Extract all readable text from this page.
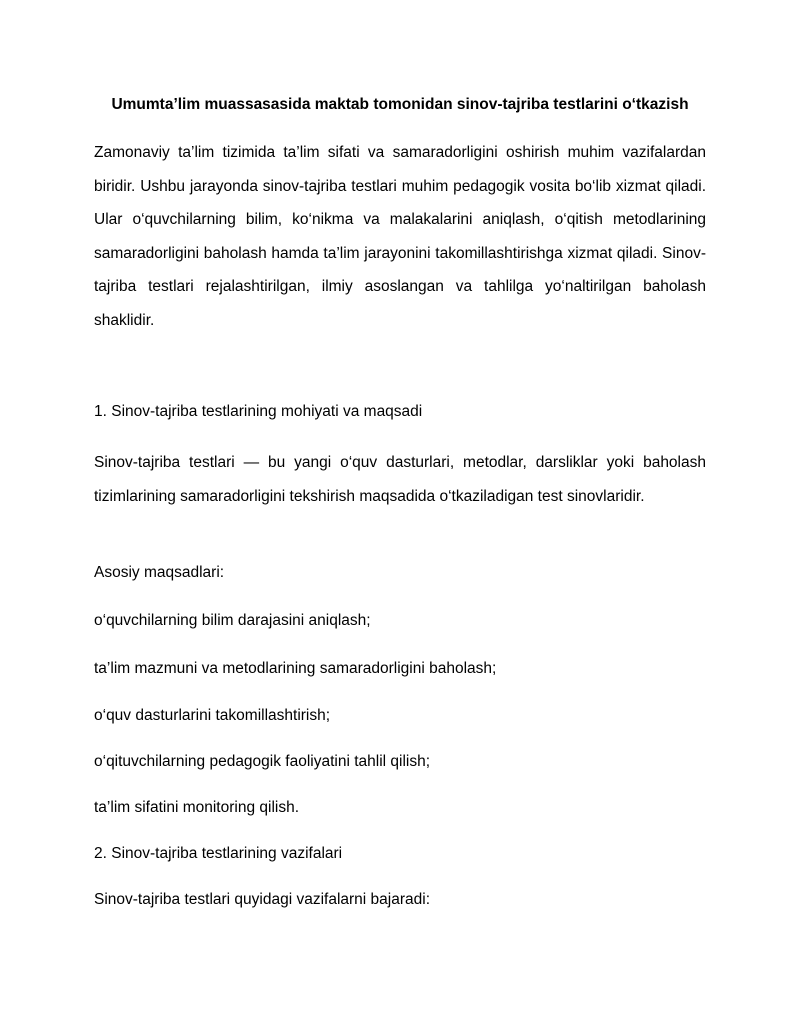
Umumta’lim muassasasida maktab tomonidan sinov-tajriba testlarini o‘tkazish

Zamonaviy ta’lim tizimida ta’lim sifati va samaradorligini oshirish muhim vazifalardan biridir. Ushbu jarayonda sinov-tajriba testlari muhim pedagogik vosita bo‘lib xizmat qiladi. Ular o‘quvchilarning bilim, ko‘nikma va malakalarini aniqlash, o‘qitish metodlarining samaradorligini baholash hamda ta’lim jarayonini takomillashtirishga xizmat qiladi. Sinov-tajriba testlari rejalashtirilgan, ilmiy asoslangan va tahlilga yo‘naltirilgan baholash shaklidir.

1. Sinov-tajriba testlarining mohiyati va maqsadi

Sinov-tajriba testlari — bu yangi o‘quv dasturlari, metodlar, darsliklar yoki baholash tizimlarining samaradorligini tekshirish maqsadida o‘tkaziladigan test sinovlaridir.

Asosiy maqsadlari:

o‘quvchilarning bilim darajasini aniqlash;

ta’lim mazmuni va metodlarining samaradorligini baholash;

o‘quv dasturlarini takomillashtirish;

o‘qituvchilarning pedagogik faoliyatini tahlil qilish;

ta’lim sifatini monitoring qilish.

2. Sinov-tajriba testlarining vazifalari

Sinov-tajriba testlari quyidagi vazifalarni bajaradi:
